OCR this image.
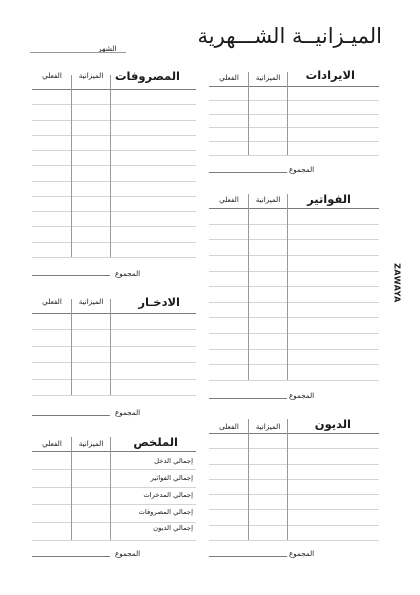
الميـزانيــة الشـــهرية
الشهر
الايرادات
الميزانية
الفعلي
المجموع
المصروفات
الميزانية
الفعلي
المجموع
الفواتير
الميزانية
الفعلي
المجموع
الادخـار
الميزانية
الفعلي
المجموع
الديون
الميزانية
الفعلى
المجموع
الملخص
الميزانية
الفعلي
إجمالي الدخل
إجمالي الفواتير
إجمالي المدخرات
إجمالي المصروفات
إجمالي الديون
المجموع
ZAWAYA
